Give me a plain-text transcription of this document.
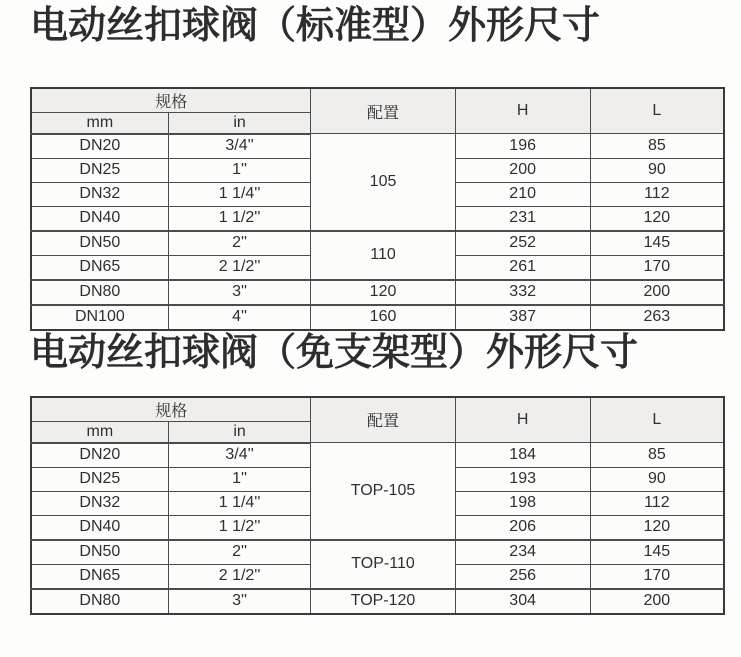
电动丝扣球阀（标准型）外形尺寸
规格		配置	H	L
mm	in			
DN20	3/4''	105	196	85
DN25	1''		200	90
DN32	1 1/4''		210	112
DN40	1 1/2''		231	120
DN50	2''	110	252	145
DN65	2 1/2''		261	170
DN80	3''	120	332	200
DN100	4''	160	387	263
电动丝扣球阀（免支架型）外形尺寸
规格		配置	H	L
mm	in			
DN20	3/4''	TOP-105	184	85
DN25	1''		193	90
DN32	1 1/4''		198	112
DN40	1 1/2''		206	120
DN50	2''	TOP-110	234	145
DN65	2 1/2''		256	170
DN80	3''	TOP-120	304	200
